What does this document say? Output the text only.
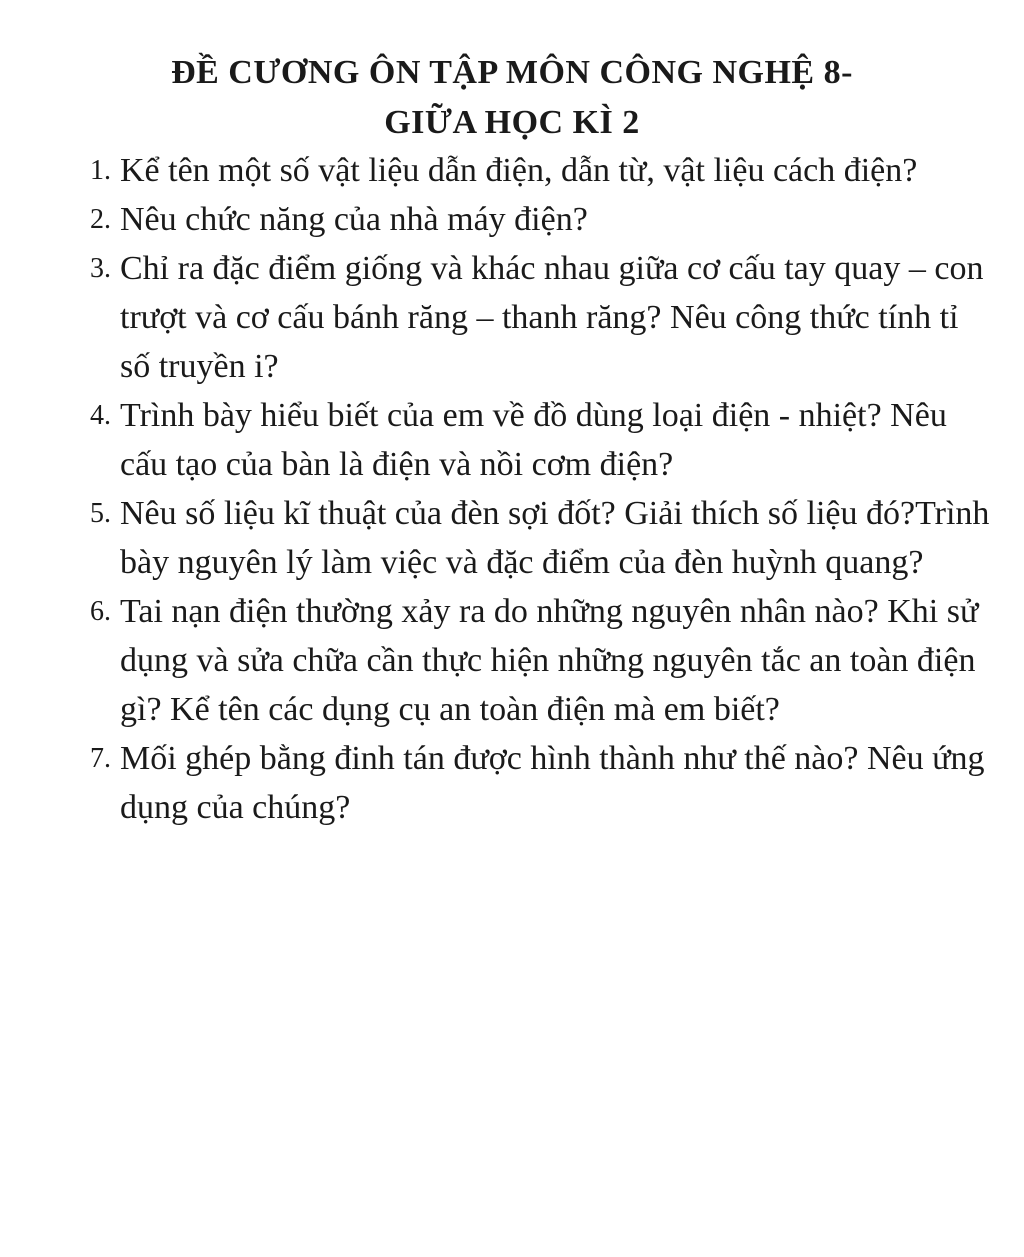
ĐỀ CƯƠNG ÔN TẬP MÔN CÔNG NGHỆ 8-
GIỮA HỌC KÌ 2
1. Kể tên một số vật liệu dẫn điện, dẫn từ, vật liệu cách điện?
2. Nêu chức năng của nhà máy điện?
3. Chỉ ra đặc điểm giống và khác nhau giữa cơ cấu tay quay – con trượt và cơ cấu bánh răng – thanh răng? Nêu công thức tính tỉ số truyền i?
4. Trình bày hiểu biết của em về đồ dùng loại điện - nhiệt? Nêu cấu tạo của bàn là điện và nồi cơm điện?
5. Nêu số liệu kĩ thuật của đèn sợi đốt? Giải thích số liệu đó?Trình bày nguyên lý làm việc và đặc điểm của đèn huỳnh quang?
6. Tai nạn điện thường xảy ra do những nguyên nhân nào? Khi sử dụng và sửa chữa cần thực hiện những nguyên tắc an toàn điện gì? Kể tên các dụng cụ an toàn điện mà em biết?
7. Mối ghép bằng đinh tán được hình thành như thế nào? Nêu ứng dụng của chúng?
